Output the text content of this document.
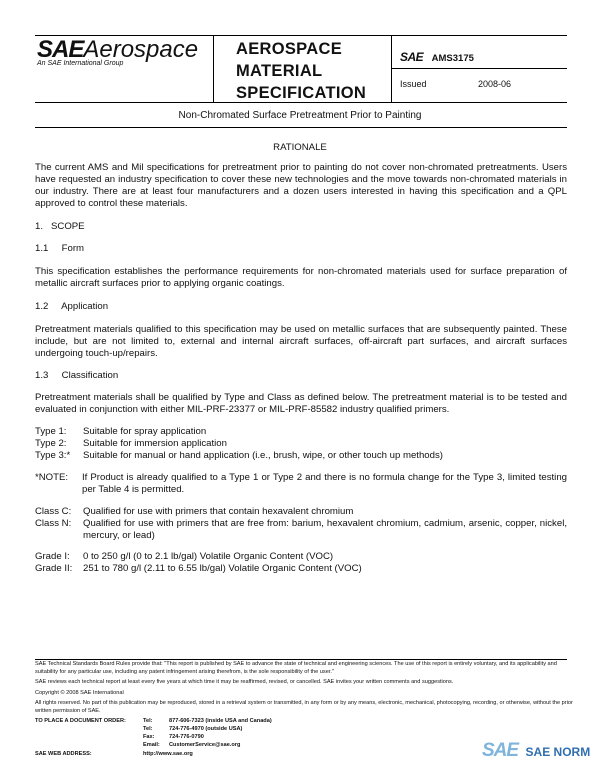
SAEAerospace
An SAE International Group
AEROSPACE
MATERIAL
SPECIFICATION
SAE AMS3175
Issued	2008-06
Non-Chromated Surface Pretreatment Prior to Painting
RATIONALE
The current AMS and Mil specifications for pretreatment prior to painting do not cover non-chromated pretreatments. Users have requested an industry specification to cover these new technologies and the move towards non-chromated materials in our industry. There are at least four manufacturers and a dozen users interested in having this specification and a QPL approved to control these materials.
1.   SCOPE
1.1     Form
This specification establishes the performance requirements for non-chromated materials used for surface preparation of metallic aircraft surfaces prior to applying organic coatings.
1.2     Application
Pretreatment materials qualified to this specification may be used on metallic surfaces that are subsequently painted. These include, but are not limited to, external and internal aircraft surfaces, off-aircraft part surfaces, and aircraft surfaces undergoing touch-up/repairs.
1.3     Classification
Pretreatment materials shall be qualified by Type and Class as defined below. The pretreatment material is to be tested and evaluated in conjunction with either MIL-PRF-23377 or MIL-PRF-85582 industry qualified primers.
Type 1: Suitable for spray application
Type 2: Suitable for immersion application
Type 3:* Suitable for manual or hand application (i.e., brush, wipe, or other touch up methods)
*NOTE: If Product is already qualified to a Type 1 or Type 2 and there is no formula change for the Type 3, limited testing per Table 4 is permitted.
Class C: Qualified for use with primers that contain hexavalent chromium
Class N: Qualified for use with primers that are free from: barium, hexavalent chromium, cadmium, arsenic, copper, nickel, mercury, or lead)
Grade I: 0 to 250 g/l (0 to 2.1 lb/gal) Volatile Organic Content (VOC)
Grade II: 251 to 780 g/l (2.11 to 6.55 lb/gal) Volatile Organic Content (VOC)
SAE Technical Standards Board Rules provide that: "This report is published by SAE to advance the state of technical and engineering sciences. The use of this report is entirely voluntary, and its applicability and suitability for any particular use, including any patent infringement arising therefrom, is the sole responsibility of the user."
SAE reviews each technical report at least every five years at which time it may be reaffirmed, revised, or cancelled. SAE invites your written comments and suggestions.
Copyright © 2008 SAE International
All rights reserved. No part of this publication may be reproduced, stored in a retrieval system or transmitted, in any form or by any means, electronic, mechanical, photocopying, recording, or otherwise, without the prior written permission of SAE.
TO PLACE A DOCUMENT ORDER:	Tel:	877-606-7323 (inside USA and Canada)
Tel:	724-776-4970 (outside USA)
Fax:	724-776-0790
Email:	CustomerService@sae.org
SAE WEB ADDRESS:	http://www.sae.org	SAE SAE NORM
